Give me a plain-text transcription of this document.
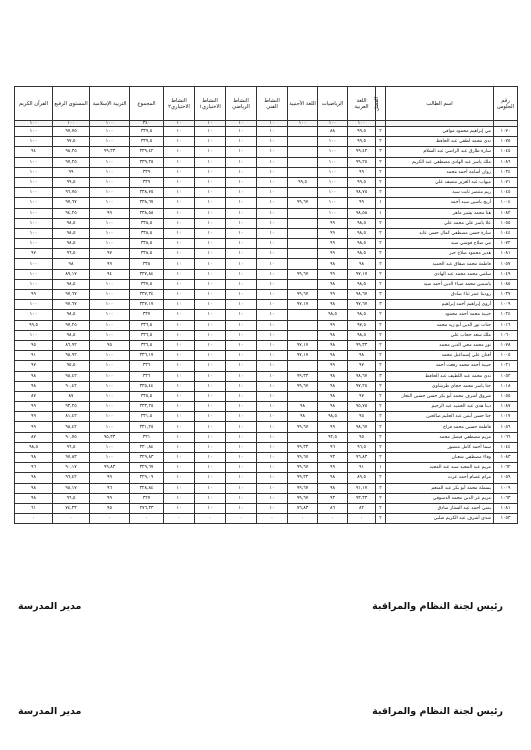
رقم الجلوس	اسم الطالب	الفصل	اللغة العربية	الرياضيات	اللغة الأجنبية	النشاط الفني	النشاط الرياضي	النشاط الاختياري١	النشاط الاختياري٢	المجموع	التربية الإسلامية	المستوى الرفيع	القرآن الكريم
			١٠٠	١٠٠	١٠٠	١٠	١٠	١٠	١٠	٣٤٠	١٠٠	١٠٠	١٠٠
١٠٧٠	مي إبراهيم محمود موافي	٢	٩٩,٥	٨٨		١٠	١٠	١٠	١٠	٣٣٩,٥	١٠٠	٩٧,٧٥	١٠٠
١٠٧٥	ندي محمد لطفي عبد الحافظ	٢	٩٩,٥	١٠٠		١٠	١٠	١٠	١٠	٣٣٩,٥	١٠٠	٩٧,٥	١٠٠
١٠٤٥	سارة طارق عبد الراضي عبد السلام	٣	٩٩,٤٢	١٠٠		١٠	١٠	١٠	١٠	٣٣٩,٤٢	٩٩,٣٣	٩٨,٢٥	٩٤
١٠٨٦	ملك ياسر عبد الهادي مصطفي عبد الكريم	٢	٩٩,٢٥	١٠٠		١٠	١٠	١٠	١٠	٣٣٩,٢٥	١٠٠	٩٧,٢٥	١٠٠
١٠٣٤	روان أسامة أحمد محمد	٢	٩٩	١٠٠		١٠	١٠	١٠	١٠	٣٣٩	١٠٠	٩٩	١٠٠
١٠٧١	ميهاب عبد العزيز منصف علي	٢	٩٩,٥	١٠٠	٩٩,٥	١٠	١٠	١٠	١٠	٣٣٩	١٠٠	٩٩,٥	١٠٠
١٠٤٥	ريم منتصر ثابت سيد	٢	٩٨,٧٥	١٠٠		١٠	١٠	١٠	١٠	٣٣٨,٧٥	١٠٠	٩٦,٧٥	١٠٠
١٠٠٤	أريج ياسين سيد أحمد	١	٩٩	١٠٠	٩٩,٦٧	١٠	١٠	١٠	١٠	٣٣٨,٦٧	١٠٠	٩٧,٦٧	١٠٠
١٠٨٢	هنا محمد بشير ماهر	١	٩٨,٥٨	١٠٠		١٠	١٠	١٠	١٠	٣٣٨,٥٨	٩٩	٩٤,٢٥	١٠٠
١٠٥٥	علا ياسر علي محمد علي	٢	٩٨,٥	٩٩		١٠	١٠	١٠	١٠	٣٣٨,٥	١٠٠	٩٨,٥	١٠٠
١٠٤٤	سارة حسن مصطفي كمال حسن عابد	٢	٩٨,٥	٩٩		١٠	١٠	١٠	١٠	٣٣٨,٥	١٠٠	٩٨,٥	١٠٠
١٠٧٢	مي صلاح قوشي سيد	٢	٩٨,٥	٩٩		١٠	١٠	١٠	١٠	٣٣٨,٥	١٠٠	٩٨,٥	١٠٠
١٠٨١	هدير محمود صلاح جبر	٢	٩٨,٥	٩٩		١٠	١٠	١٠	١٠	٣٣٨,٥	٩٧	٩٦,٥	٩٧
١٠٥٧	فاطمة محمد صفاق عبد الحميد	٢	٩٨	٩٨		١٠	١٠	١٠	١٠	٣٣٨	٩٩	٩٨	١٠٠
١٠٤٩	سلمي محمد محمد عبد الهادي	٢	٩٧,١٧	٩٩	٩٩,٦٧	١٠	١٠	١٠	١٠	٣٣٧,٨٤	٩٤	٨٩,١٧	١٠٠
١٠٨٥	ياسمين محمد ضياء الدين أحمد سيد	٢	٩٨,٥	٩٨		١٠	١٠	١٠	١٠	٣٣٧,٥	١٠٠	٩٨,٥	١٠٠
١٠٣٧	رودينا عمر ثناء صادق	٣	٩٨,٦٧	٩٩	٩٩,٦٧	١٠	١٠	١٠	١٠	٣٣٧,٣٤	١٠٠	٩٧,٦٧	٩٩
١٠٠٩	أروي إبراهيم أحمد إبراهيم	٣	٩٧,٦٧	٩٨	٩٧,١٧	١٠	١٠	١٠	١٠	٣٣٧,١٧	١٠٠	٩٧,٦٧	١٠٠
١٠٢٤	حبيبة محمد أحمد محمود	٢	٩٨,٥	٩٨,٥		١٠	١٠	١٠	١٠	٣٣٧	١٠٠	٩٨,٥	١٠٠
١٠١٦	جنات نور الدين أبو زيد محمد	٢	٩٧,٥	٩٩		١٠	١٠	١٠	١٠	٣٣٦,٥	١٠٠	٩٧,٢٥	٩٩,٥
١٠٦٠	ملك سعد حجاب علي	٢	٩٨,٥	٩٨		١٠	١٠	١٠	١٠	٣٣٦,٥	١٠٠	٩٨,٥	١٠٠
١٠٧٨	نور محمد محي الدين محمد	٢	٩٩,٣٣	٩٨	٩٧,١٧	١٠	١٠	١٠	١٠	٣٣٦,٥	٩٥	٨٦,٩٢	٩٥
١٠٠٥	أفنان علي إسماعيل محمد	٢	٩٨	٩٨	٩٧,١٧	١٠	١٠	١٠	١٠	٣٣٦,١٧	١٠٠	٩٥,٩٢	٩١
١٠٢١	حبيبة أحمد محمد رفعت أحمد	٢	٩٧	٩٩		١٠	١٠	١٠	١٠	٣٣٦	١٠٠	٩٥,٥	٩٧
١٠٥٢	ندي محمد عبد اللطيف عبد الحافظ	٣	٩٨,٦٧	٩٨	٩٩,٣٣	١٠	١٠	١٠	١٠	٣٣٦	١٠٠	٩٨,٤٢	٩٨
١٠١٨	جنا ياسر محمد حجاي طرشاوي	٢	٩٧,٢٥	٩٨	٩٩,٦٧	١٠	١٠	١٠	١٠	٣٣٥,٤٤	١٠٠	٩٠,٤٢	٩٨
١٠٥٥	شروق أشرف محمد أبو بكر حسن حسين النجار	٢	٩٧	٩٨		١٠	١٠	١٠	١٠	٣٣٥,٥	١٠٠	٨٧	٨٧
١٠٨٧	دينا هدي عبد الحميد عبد الرحيم	٢	٩٥,٧٥	٩٨	٩٨	١٠	١٠	١٠	١٠	٣٣٣,٢٥	١٠٠	٩٣,٢٥	٩٩
١٠١٧	جنا حسن أيمن عبد الحليم صالحين	٢	٩٥	٩٨,٥	٩٨	١٠	١٠	١٠	١٠	٣٣١,٥	١٠٠	٨١,٤٢	٩٩
١٠٥٦	فاطمة حسين محمد فراج	٢	٩٨,٦٧	٩٩	٩٩,٦٧	١٠	١٠	١٠	١٠	٣٣١,٢٥	١٠٠	٩٨,٤٢	٩٩
١٠٦٦	مريم مصطفي فيصل محمد	٢	٩٥	٩٢,٥		١٠	١٠	١٠	١٠	٣٣١	٩٥,٣٣	٩٠,٧٥	٨٧
١٠٤٤	سما أحمد كامل منصور	٢	٩٦,٥	٩٦	٩٩,٣٣	١٠	١٠	١٠	١٠	٣٣٠,٨٤	١٠٠	٩٦,٥	٩٨,٥
١٠٨٣	وفاء مصطفي شعبان	٢	٩٦,٨٣	٩٣	٩٩,٦٧	١٠	١٠	١٠	١٠	٣٢٩,٨٣	١٠٠	٩٧,٨٣	٩٨
١٠٦٢	مريم عبد المجيد سيد عبد المجيد	١	٩١	٩٩	٩٩,٦٧	١٠	١٠	١٠	١٠	٣٢٩,٦٧	٩٩,٨٣	٩٠,١٧	٩٦
١٠٥٩	مرام عصام أحمد عزت	٢	٨٩,٥	٩٨	٩٩,٣٣	١٠	١٠	١٠	١٠	٣٢٩,٠٩	٩٩	٩٦,٤٢	٩٨
١٠٠٩	بسملة محمد أبو بكر عبد المنعم	٢	٩١,١٧	٩٨	٩٩,٦٧	١٠	١٠	١٠	١٠	٣٢٨,٨٤	٩٦	٩٨,١٧	٩٨
١٠٦٣	مريم عز الدين محمد الدسوقي	٢	٩٣,٣٣	٩٣	٩٩,٦٧	١٠	١٠	١٠	١٠	٣٢٧	٩٩	٩٦,٥	٩٨
١٠٨١	يمني أحمد عبد الستار صادق	٢	٨٢	٨٦	٧٦,٨٣	١٠	١٠	١٠	١٠	٢٧٦,٣٣	٩٥	٧٤,٣٣	٦١
١٠٥٣	شذى أشرف عبد الكريم شلبي	٢	٠	٠	٠	٠	٠	٠	٠	٠	٠	٠	٠
رئيس لجنة النظام والمراقبة
مدير المدرسة
رئيس لجنة النظام والمراقبة
مدير المدرسة
